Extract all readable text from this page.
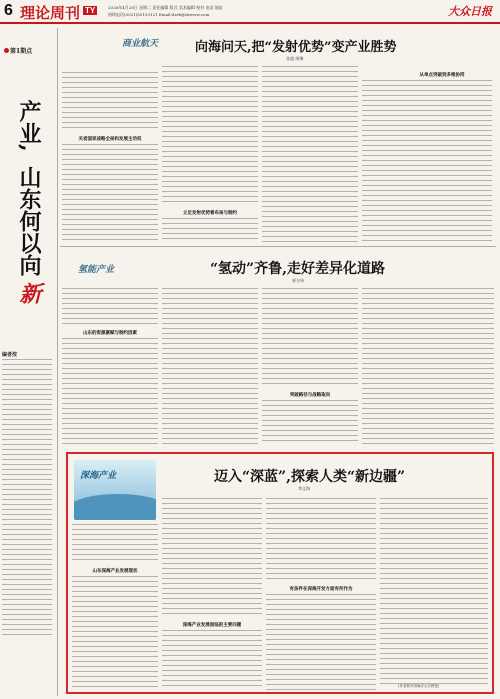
6 理论周刊 TY	2026年4月28日 星期二 责任编辑 版式 美术编辑 校对 电话 地址
热线电话(0531)85193121 Email:dzrb@dzwww.com	大众日报
第1期点
产业,
山东何以向
新
编者按
商业航天	向海问天,把“发射优势”变产业胜势
张超 周琳
关者国家战略全局和发展主动权
立足发射优势看布局与制约
从单点突破到多维协同
氢能产业	“氢动”齐鲁,走好差异化道路
崔方炜
山东的资源禀赋与制约因素
突破路径与战略取向
深海产业	迈入“深蓝”,探索人类“新边疆”
李文海
山东深海产业发展现状
深海产业发展面临的主要问题
有条件在深海开发方面有所作为
(作者系中国海洋大学教授)
